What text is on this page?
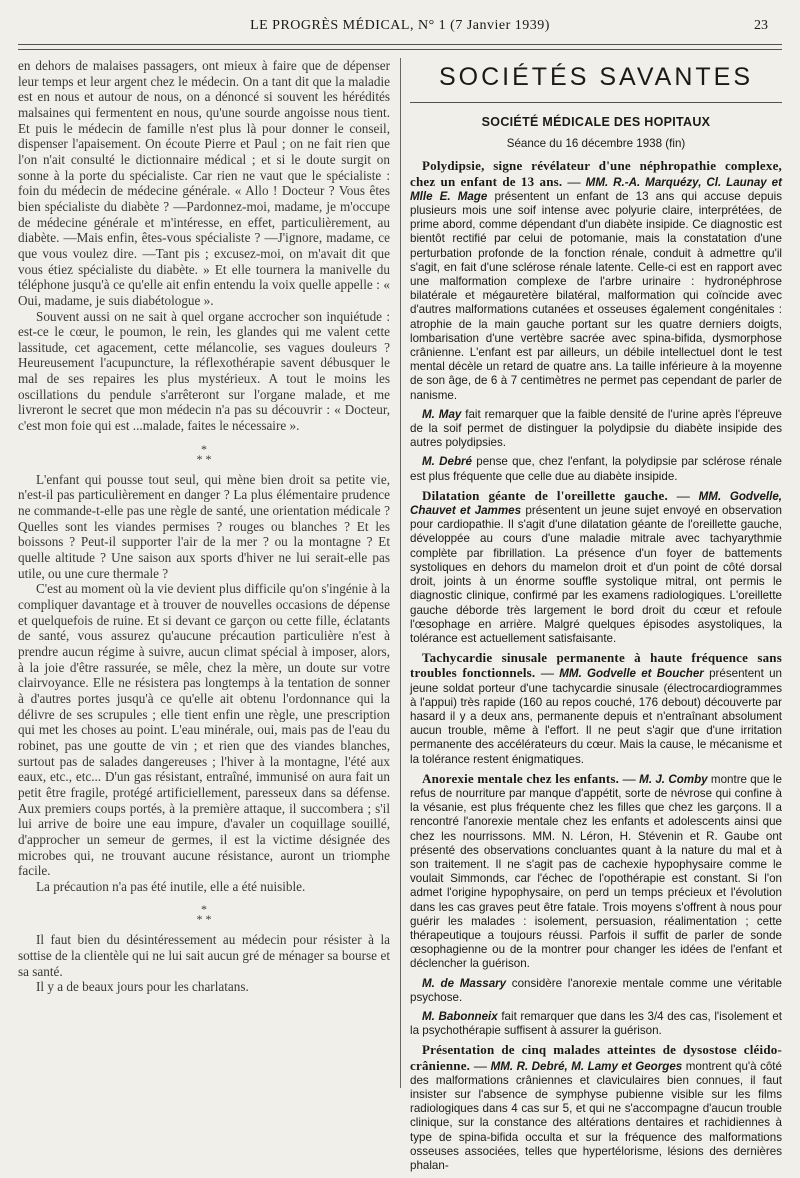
LE PROGRÈS MÉDICAL, N° 1 (7 Janvier 1939)	23

en dehors de malaises passagers, ont mieux à faire que de dépenser leur temps et leur argent chez le médecin. On a tant dit que la maladie est en nous et autour de nous, on a dénoncé si souvent les hérédités malsaines qui fermentent en nous, qu'une sourde angoisse nous tient. Et puis le médecin de famille n'est plus là pour donner le conseil, dispenser l'apaisement. On écoute Pierre et Paul ; on ne fait rien que l'on n'ait consulté le dictionnaire médical ; et si le doute surgit on sonne à la porte du spécialiste. Car rien ne vaut que le spécialiste : foin du médecin de médecine générale. « Allo ! Docteur ? Vous êtes bien spécialiste du diabète ? —Pardonnez-moi, madame, je m'occupe de médecine générale et m'intéresse, en effet, particulièrement, au diabète. —Mais enfin, êtes-vous spécialiste ? —J'ignore, madame, ce que vous voulez dire. —Tant pis ; excusez-moi, on m'avait dit que vous étiez spécialiste du diabète. » Et elle tournera la manivelle du téléphone jusqu'à ce qu'elle ait enfin entendu la voix quelle appelle : « Oui, madame, je suis diabétologue ».

Souvent aussi on ne sait à quel organe accrocher son inquiétude : est-ce le cœur, le poumon, le rein, les glandes qui me valent cette lassitude, cet agacement, cette mélancolie, ses vagues douleurs ? Heureusement l'acupuncture, la réflexothérapie savent débusquer le mal de ses repaires les plus mystérieux. A tout le moins les oscillations du pendule s'arrêteront sur l'organe malade, et me livreront le secret que mon médecin n'a pas su découvrir : « Docteur, c'est mon foie qui est ...malade, faites le nécessaire ».

*
* *

L'enfant qui pousse tout seul, qui mène bien droit sa petite vie, n'est-il pas particulièrement en danger ? La plus élémentaire prudence ne commande-t-elle pas une règle de santé, une orientation médicale ? Quelles sont les viandes permises ? rouges ou blanches ? Et les boissons ? Peut-il supporter l'air de la mer ? ou la montagne ? Et quelle altitude ? Une saison aux sports d'hiver ne lui serait-elle pas utile, ou une cure thermale ?

C'est au moment où la vie devient plus difficile qu'on s'ingénie à la compliquer davantage et à trouver de nouvelles occasions de dépense et quelquefois de ruine. Et si devant ce garçon ou cette fille, éclatants de santé, vous assurez qu'aucune précaution particulière n'est à prendre aucun régime à suivre, aucun climat spécial à imposer, alors, à la joie d'être rassurée, se mêle, chez la mère, un doute sur votre clairvoyance. Elle ne résistera pas longtemps à la tentation de sonner à d'autres portes jusqu'à ce qu'elle ait obtenu l'ordonnance qui la délivre de ses scrupules ; elle tient enfin une règle, une prescription qui met les choses au point. L'eau minérale, oui, mais pas de l'eau du robinet, pas une goutte de vin ; et rien que des viandes blanches, surtout pas de salades dangereuses ; l'hiver à la montagne, l'été aux eaux, etc., etc... D'un gas résistant, entraîné, immunisé on aura fait un petit être fragile, protégé artificiellement, paresseux dans sa défense. Aux premiers coups portés, à la première attaque, il succombera ; s'il lui arrive de boire une eau impure, d'avaler un coquillage souillé, d'approcher un semeur de germes, il est la victime désignée des microbes qui, ne trouvant aucune résistance, auront un triomphe facile.

La précaution n'a pas été inutile, elle a été nuisible.

*
* *

Il faut bien du désintéressement au médecin pour résister à la sottise de la clientèle qui ne lui sait aucun gré de ménager sa bourse et sa santé.

Il y a de beaux jours pour les charlatans.

SOCIÉTÉS SAVANTES
SOCIÉTÉ MÉDICALE DES HOPITAUX
Séance du 16 décembre 1938 (fin)

Polydipsie, signe révélateur d'une néphropathie complexe, chez un enfant de 13 ans. — MM. R.-A. Marquézy, Cl. Launay et Mlle E. Mage présentent un enfant de 13 ans qui accuse depuis plusieurs mois une soif intense avec polyurie claire, interprétées, de prime abord, comme dépendant d'un diabète insipide. Ce diagnostic est bientôt rectifié par celui de potomanie, mais la constatation d'une perturbation profonde de la fonction rénale, conduit à admettre qu'il s'agit, en fait d'une sclérose rénale latente. Celle-ci est en rapport avec une malformation complexe de l'arbre urinaire : hydronéphrose bilatérale et mégauretère bilatéral, malformation qui coïncide avec d'autres malformations cutanées et osseuses également congénitales : atrophie de la main gauche portant sur les quatre derniers doigts, lombarisation d'une vertèbre sacrée avec spina-bifida, dysmorphose crânienne. L'enfant est par ailleurs, un débile intellectuel dont le test mental décèle un retard de quatre ans. La taille inférieure à la moyenne de son âge, de 6 à 7 centimètres ne permet pas cependant de parler de nanisme.

M. May fait remarquer que la faible densité de l'urine après l'épreuve de la soif permet de distinguer la polydipsie du diabète insipide des autres polydipsies.

M. Debré pense que, chez l'enfant, la polydipsie par sclérose rénale est plus fréquente que celle due au diabète insipide.

Dilatation géante de l'oreillette gauche. — MM. Godvelle, Chauvet et Jammes présentent un jeune sujet envoyé en observation pour cardiopathie. Il s'agit d'une dilatation géante de l'oreillette gauche, développée au cours d'une maladie mitrale avec tachyarythmie complète par fibrillation. La présence d'un foyer de battements systoliques en dehors du mamelon droit et d'un point de côté dorsal droit, joints à un énorme souffle systolique mitral, ont permis le diagnostic clinique, confirmé par les examens radiologiques. L'oreillette gauche déborde très largement le bord droit du cœur et refoule l'œsophage en arrière. Malgré quelques épisodes asystoliques, la tolérance est actuellement satisfaisante.

Tachycardie sinusale permanente à haute fréquence sans troubles fonctionnels. — MM. Godvelle et Boucher présentent un jeune soldat porteur d'une tachycardie sinusale (électrocardiogrammes à l'appui) très rapide (160 au repos couché, 176 debout) découverte par hasard il y a deux ans, permanente depuis et n'entraînant absolument aucun trouble, même à l'effort. Il ne peut s'agir que d'une irritation permanente des accélérateurs du cœur. Mais la cause, le mécanisme et la tolérance restent énigmatiques.

Anorexie mentale chez les enfants. — M. J. Comby montre que le refus de nourriture par manque d'appétit, sorte de névrose qui confine à la vésanie, est plus fréquente chez les filles que chez les garçons. Il a rencontré l'anorexie mentale chez les enfants et adolescents ainsi que chez les nourrissons. MM. N. Léron, H. Stévenin et R. Gaube ont présenté des observations concluantes quant à la nature du mal et à son traitement. Il ne s'agit pas de cachexie hypophysaire comme le voulait Simmonds, car l'échec de l'opothérapie est constant. Si l'on admet l'origine hypophysaire, on perd un temps précieux et l'évolution dans les cas graves peut être fatale. Trois moyens s'offrent à nous pour guérir les malades : isolement, persuasion, réalimentation ; cette thérapeutique a toujours réussi. Parfois il suffit de parler de sonde œsophagienne ou de la montrer pour changer les idées de l'enfant et déclencher la guérison.

M. de Massary considère l'anorexie mentale comme une véritable psychose.

M. Babonneix fait remarquer que dans les 3/4 des cas, l'isolement et la psychothérapie suffisent à assurer la guérison.

Présentation de cinq malades atteintes de dysostose cléido-crânienne. — MM. R. Debré, M. Lamy et Georges montrent qu'à côté des malformations crâniennes et claviculaires bien connues, il faut insister sur l'absence de symphyse pubienne visible sur les films radiologiques dans 4 cas sur 5, et qui ne s'accompagne d'aucun trouble clinique, sur la constance des altérations dentaires et rachidiennes à type de spina-bifida occulta et sur la fréquence des malformations osseuses associées, telles que hypertélorisme, lésions des dernières phalan-
